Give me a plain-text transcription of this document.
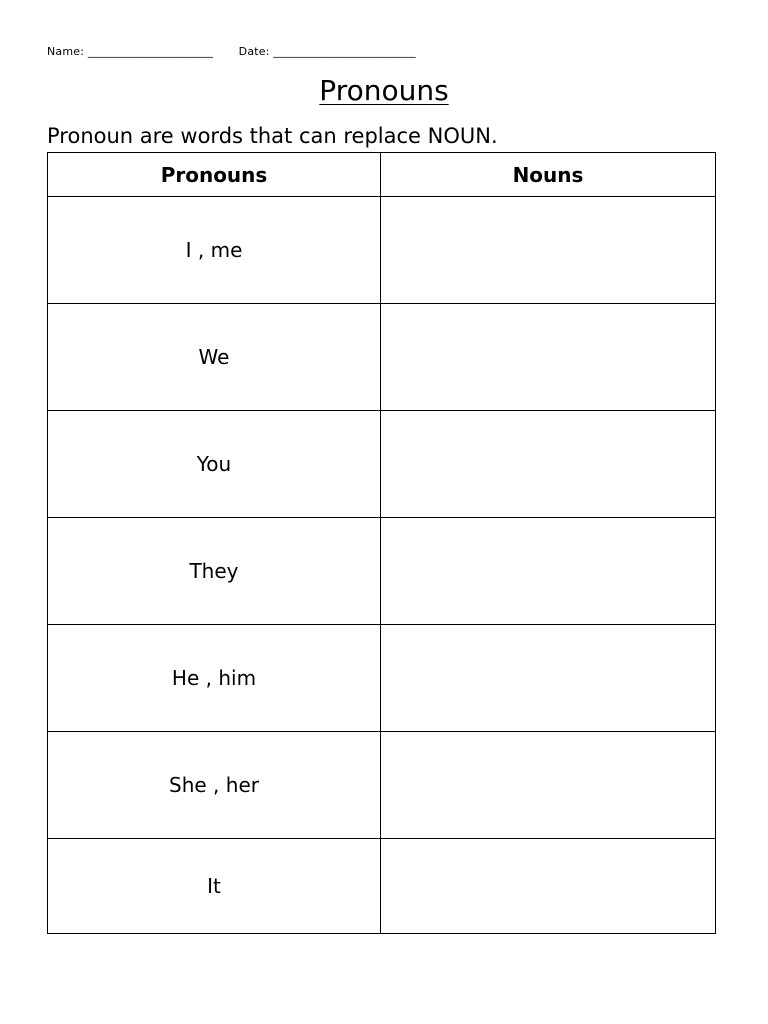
Name: ______________________ Date: _________________________
Pronouns
Pronoun are words that can replace NOUN.
Pronouns	Nouns
I , me	
We	
You	
They	
He , him	
She , her	
It	
